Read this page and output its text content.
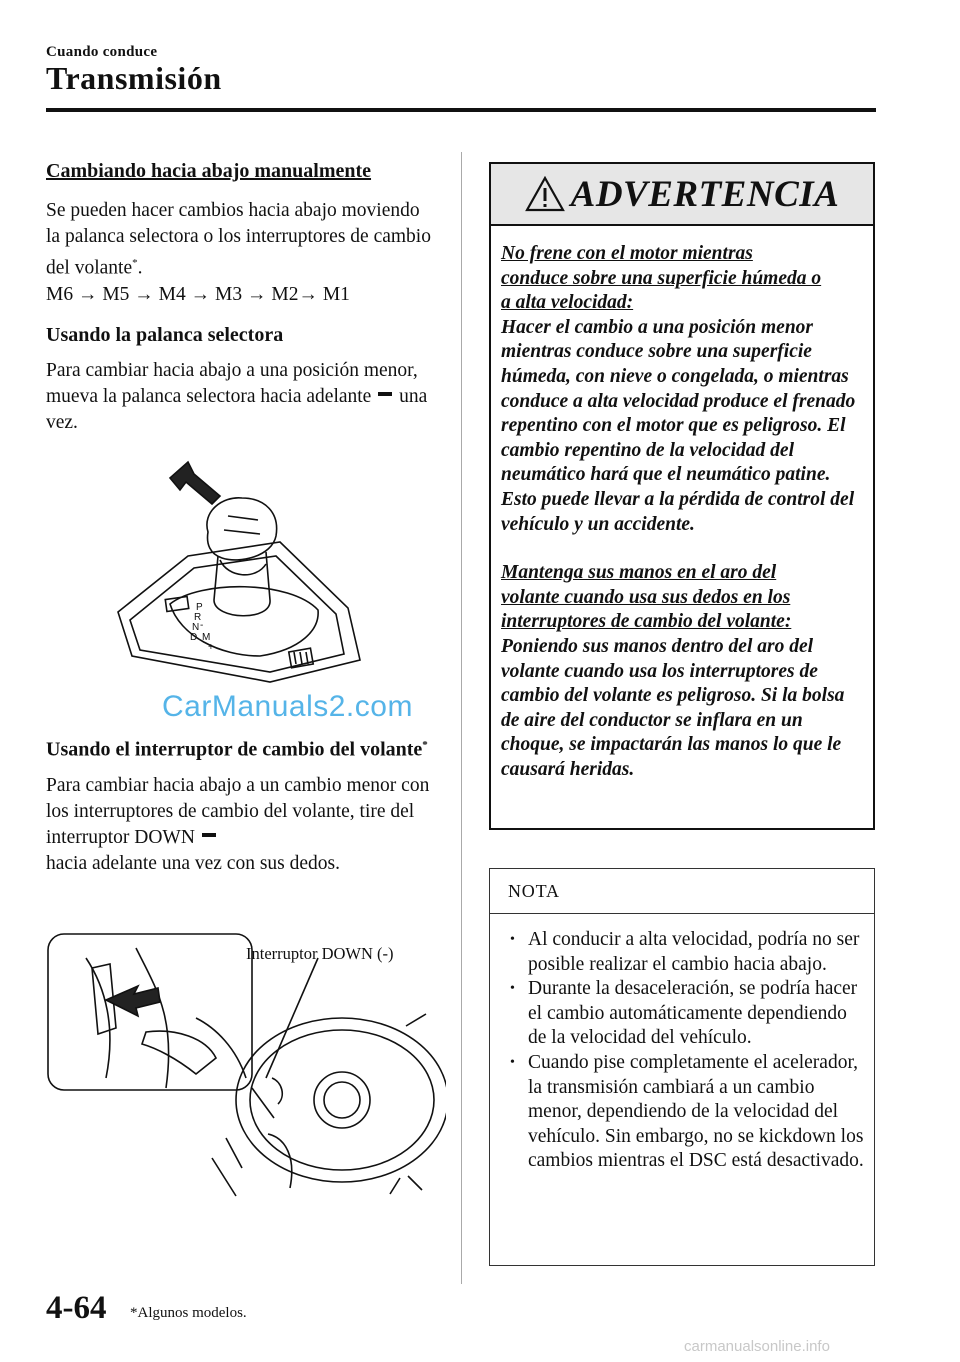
Cuando conduce
Transmisión

Cambiando hacia abajo manualmente

Se pueden hacer cambios hacia abajo moviendo la palanca selectora o los interruptores de cambio del volante*.

M6 → M5 → M4 → M3 → M2→ M1

Usando la palanca selectora

Para cambiar hacia abajo a una posición menor, mueva la palanca selectora hacia adelante  una vez.

P
R
N
D M
+
-
CarManuals2.com

Usando el interruptor de cambio del volante*

Para cambiar hacia abajo a un cambio menor con los interruptores de cambio del volante, tire del interruptor DOWN
hacia adelante una vez con sus dedos.

Interruptor DOWN (-)
ADVERTENCIA

No frene con el motor mientras
conduce sobre una superficie húmeda o
a alta velocidad:

Hacer el cambio a una posición menor mientras conduce sobre una superficie húmeda, con nieve o congelada, o mientras conduce a alta velocidad produce el frenado repentino con el motor que es peligroso. El cambio repentino de la velocidad del neumático hará que el neumático patine. Esto puede llevar a la pérdida de control del vehículo y un accidente.

Mantenga sus manos en el aro del
volante cuando usa sus dedos en los
interruptores de cambio del volante:

Poniendo sus manos dentro del aro del volante cuando usa los interruptores de cambio del volante es peligroso. Si la bolsa de aire del conductor se inflara en un choque, se impactarán las manos lo que le causará heridas.

NOTA
• Al conducir a alta velocidad, podría no ser posible realizar el cambio hacia abajo.
• Durante la desaceleración, se podría hacer el cambio automáticamente dependiendo de la velocidad del vehículo.
• Cuando pise completamente el acelerador, la transmisión cambiará a un cambio menor, dependiendo de la velocidad del vehículo. Sin embargo, no se kickdown los cambios mientras el DSC está desactivado.
4-64 *Algunos modelos.
carmanualsonline.info
